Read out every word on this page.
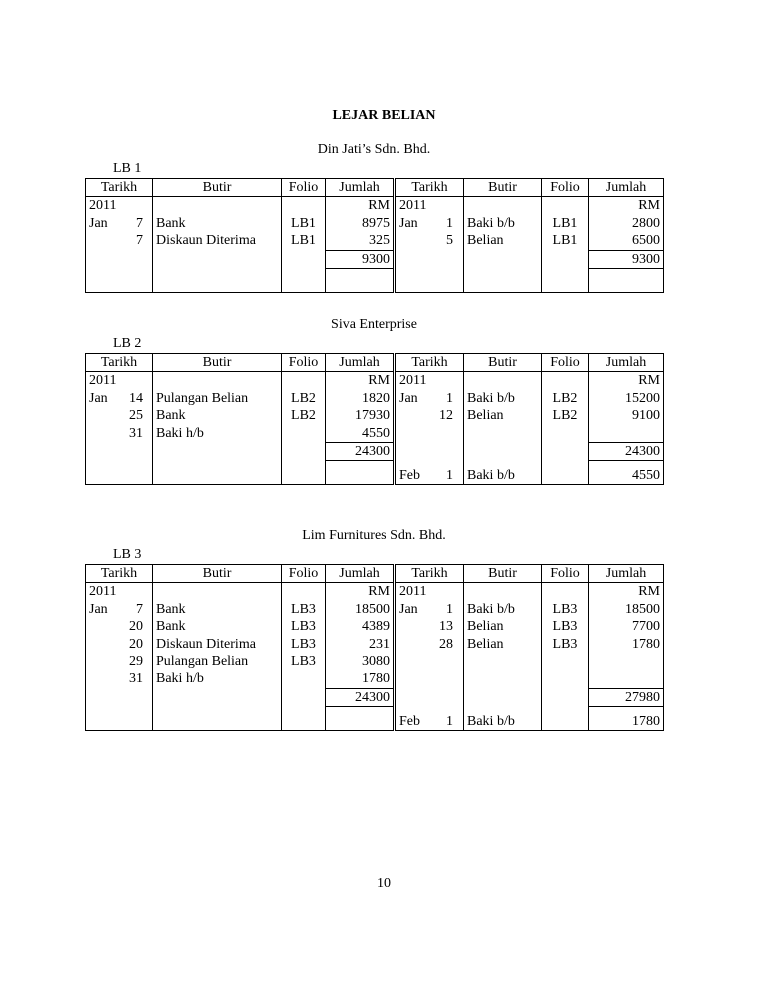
LEJAR BELIAN
Din Jati’s Sdn. Bhd.
LB 1
Tarikh	Butir	Folio	Jumlah	Tarikh	Butir	Folio	Jumlah
2011			RM	2011			RM
Jan 7	Bank	LB1	8975	Jan 1	Baki b/b	LB1	2800
7	Diskaun Diterima	LB1	325	5	Belian	LB1	6500
			9300				9300

Siva Enterprise
LB 2
Tarikh	Butir	Folio	Jumlah	Tarikh	Butir	Folio	Jumlah
2011			RM	2011			RM
Jan 14	Pulangan Belian	LB2	1820	Jan 1	Baki b/b	LB2	15200
25	Bank	LB2	17930	12	Belian	LB2	9100
31	Baki h/b		4550				
			24300				24300
				Feb 1	Baki b/b		4550
Lim Furnitures Sdn. Bhd.
LB 3
Tarikh	Butir	Folio	Jumlah	Tarikh	Butir	Folio	Jumlah
2011			RM	2011			RM
Jan 7	Bank	LB3	18500	Jan 1	Baki b/b	LB3	18500
20	Bank	LB3	4389	13	Belian	LB3	7700
20	Diskaun Diterima	LB3	231	28	Belian	LB3	1780
29	Pulangan Belian	LB3	3080				
31	Baki h/b		1780				
			24300				27980
				Feb 1	Baki b/b		1780
10
